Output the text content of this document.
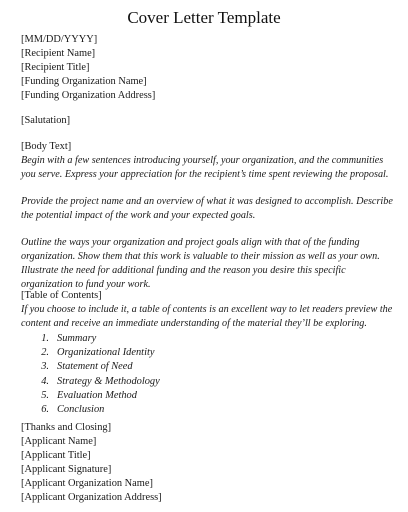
Cover Letter Template
[MM/DD/YYYY]
[Recipient Name]
[Recipient Title]
[Funding Organization Name]
[Funding Organization Address]
[Salutation]
[Body Text]
Begin with a few sentences introducing yourself, your organization, and the communities you serve. Express your appreciation for the recipient’s time spent reviewing the proposal.
Provide the project name and an overview of what it was designed to accomplish. Describe the potential impact of the work and your expected goals.
Outline the ways your organization and project goals align with that of the funding organization. Show them that this work is valuable to their mission as well as your own. Illustrate the need for additional funding and the reason you desire this specific organization to fund your work.
[Table of Contents]
If you choose to include it, a table of contents is an excellent way to let readers preview the content and receive an immediate understanding of the material they’ll be exploring.
1. Summary
2. Organizational Identity
3. Statement of Need
4. Strategy & Methodology
5. Evaluation Method
6. Conclusion
[Thanks and Closing]
[Applicant Name]
[Applicant Title]
[Applicant Signature]
[Applicant Organization Name]
[Applicant Organization Address]
